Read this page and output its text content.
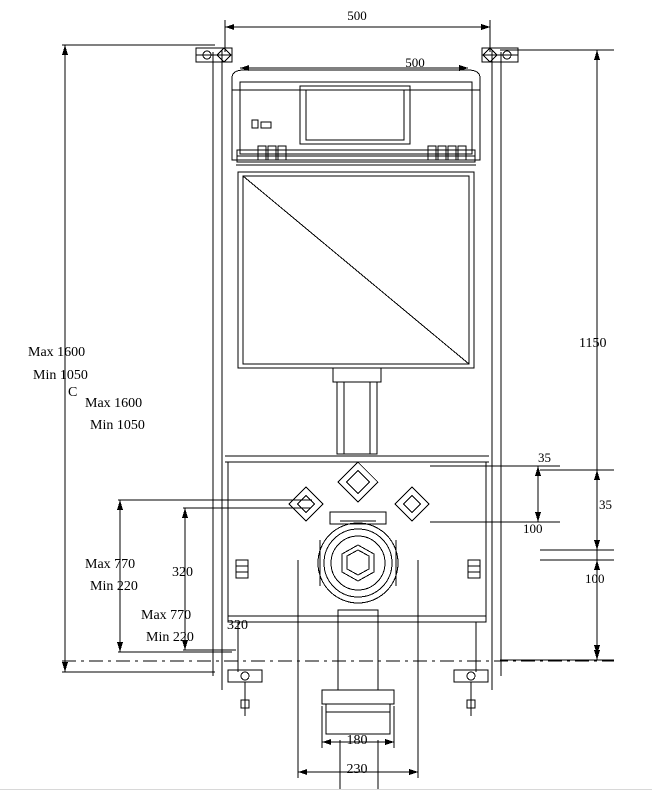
500
500
Max 1600
Min 1050
C
Max 1600
Min 1050
Max 770
Min 220
Max 770
Min 220
320
320
1150
35
35
100
100
180
230
